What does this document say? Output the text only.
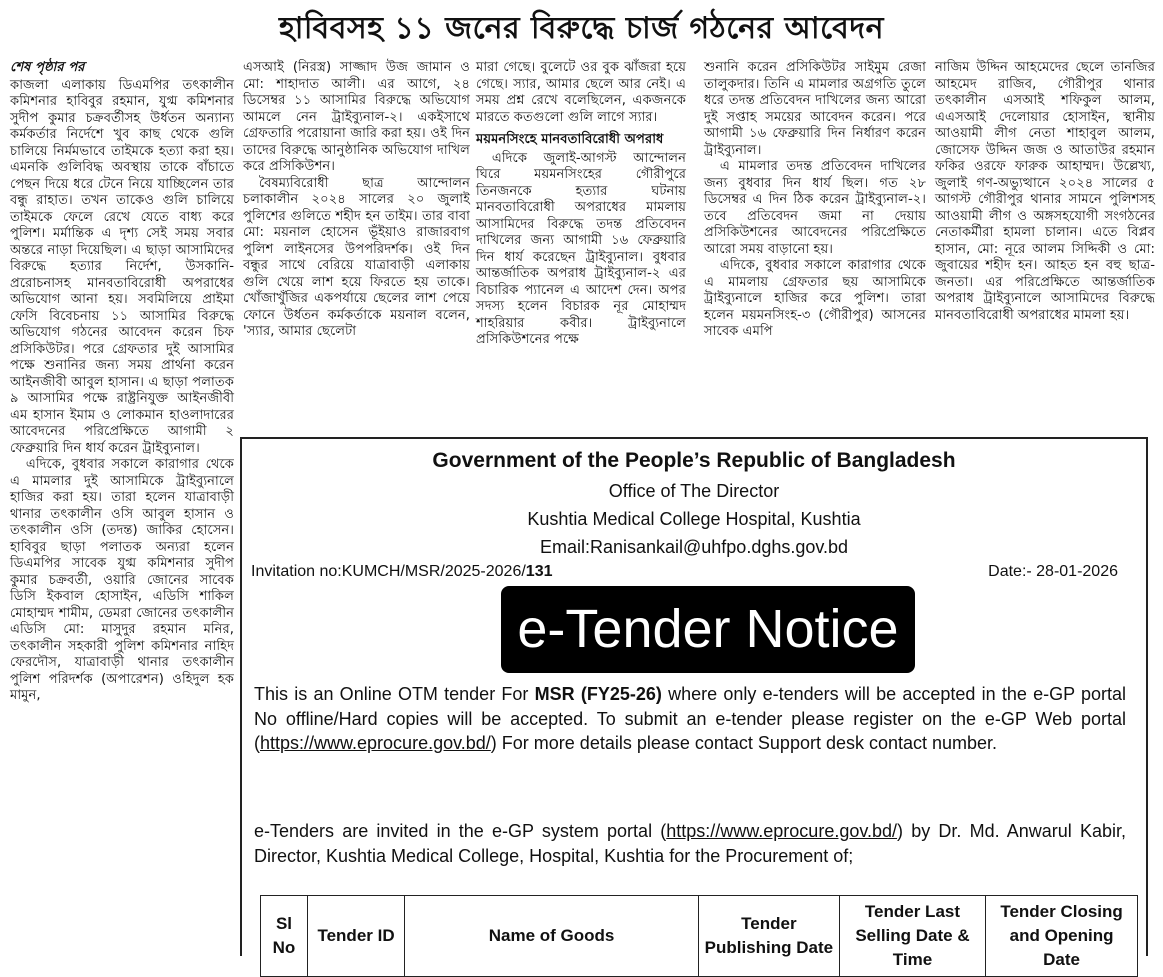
হাবিবসহ ১১ জনের বিরুদ্ধে চার্জ গঠনের আবেদন

শেষ পৃষ্ঠার পর

কাজলা এলাকায় ডিএমপির তৎকালীন কমিশনার হাবিবুর রহমান, যুগ্ম কমিশনার সুদীপ কুমার চক্রবর্তীসহ উর্ধতন অন্যান্য কর্মকর্তার নির্দেশে খুব কাছ থেকে গুলি চালিয়ে নির্মমভাবে তাইমকে হত্যা করা হয়। এমনকি গুলিবিদ্ধ অবস্থায় তাকে বাঁচাতে পেছন দিয়ে ধরে টেনে নিয়ে যাচ্ছিলেন তার বন্ধু রাহাত। তখন তাকেও গুলি চালিয়ে তাইমকে ফেলে রেখে যেতে বাধ্য করে পুলিশ। মর্মান্তিক এ দৃশ্য সেই সময় সবার অন্তরে নাড়া দিয়েছিল। এ ছাড়া আসামিদের বিরুদ্ধে হত্যার নির্দেশ, উসকানি-প্ররোচনাসহ মানবতাবিরোধী অপরাধের অভিযোগ আনা হয়। সবমিলিয়ে প্রাইমা ফেসি বিবেচনায় ১১ আসামির বিরুদ্ধে অভিযোগ গঠনের আবেদন করেন চিফ প্রসিকিউটর। পরে গ্রেফতার দুই আসামির পক্ষে শুনানির জন্য সময় প্রার্থনা করেন আইনজীবী আবুল হাসান। এ ছাড়া পলাতক ৯ আসামির পক্ষে রাষ্ট্রনিযুক্ত আইনজীবী এম হাসান ইমাম ও লোকমান হাওলাদারের আবেদনের পরিপ্রেক্ষিতে আগামী ২ ফেব্রুয়ারি দিন ধার্য করেন ট্রাইব্যুনাল।

এদিকে, বুধবার সকালে কারাগার থেকে এ মামলার দুই আসামিকে ট্রাইব্যুনালে হাজির করা হয়। তারা হলেন যাত্রাবাড়ী থানার তৎকালীন ওসি আবুল হাসান ও তৎকালীন ওসি (তদন্ত) জাকির হোসেন। হাবিবুর ছাড়া পলাতক অন্যরা হলেন ডিএমপির সাবেক যুগ্ম কমিশনার সুদীপ কুমার চক্রবর্তী, ওয়ারি জোনের সাবেক ডিসি ইকবাল হোসাইন, এডিসি শাকিল মোহাম্মদ শামীম, ডেমরা জোনের তৎকালীন এডিসি মো: মাসুদুর রহমান মনির, তৎকালীন সহকারী পুলিশ কমিশনার নাহিদ ফেরদৌস, যাত্রাবাড়ী থানার তৎকালীন পুলিশ পরিদর্শক (অপারেশন) ওহিদুল হক মামুন,

এসআই (নিরস্ত্র) সাজ্জাদ উজ জামান ও মো: শাহাদাত আলী। এর আগে, ২৪ ডিসেম্বর ১১ আসামির বিরুদ্ধে অভিযোগ আমলে নেন ট্রাইব্যুনাল-২। একইসাথে গ্রেফতারি পরোয়ানা জারি করা হয়। ওই দিন তাদের বিরুদ্ধে আনুষ্ঠানিক অভিযোগ দাখিল করে প্রসিকিউশন।

বৈষম্যবিরোধী ছাত্র আন্দোলন চলাকালীন ২০২৪ সালের ২০ জুলাই পুলিশের গুলিতে শহীদ হন তাইম। তার বাবা মো: ময়নাল হোসেন ভূঁইয়াও রাজারবাগ পুলিশ লাইনসের উপপরিদর্শক। ওই দিন বন্ধুর সাথে বেরিয়ে যাত্রাবাড়ী এলাকায় গুলি খেয়ে লাশ হয়ে ফিরতে হয় তাকে। খোঁজাখুঁজির একপর্যায়ে ছেলের লাশ পেয়ে ফোনে উর্ধতন কর্মকর্তাকে ময়নাল বলেন, 'স্যার, আমার ছেলেটা

মারা গেছে। বুলেটে ওর বুক ঝাঁজরা হয়ে গেছে। স্যার, আমার ছেলে আর নেই। এ সময় প্রশ্ন রেখে বলেছিলেন, একজনকে মারতে কতগুলো গুলি লাগে স্যার।

ময়মনসিংহে মানবতাবিরোধী অপরাধ

এদিকে জুলাই-আগস্ট আন্দোলন ঘিরে ময়মনসিংহের গৌরীপুরে তিনজনকে হত্যার ঘটনায় মানবতাবিরোধী অপরাধের মামলায় আসামিদের বিরুদ্ধে তদন্ত প্রতিবেদন দাখিলের জন্য আগামী ১৬ ফেব্রুয়ারি দিন ধার্য করেছেন ট্রাইব্যুনাল। বুধবার আন্তর্জাতিক অপরাধ ট্রাইব্যুনাল-২ এর বিচারিক প্যানেল এ আদেশ দেন। অপর সদস্য হলেন বিচারক নূর মোহাম্মদ শাহরিয়ার কবীর। ট্রাইব্যুনালে প্রসিকিউশনের পক্ষে

শুনানি করেন প্রসিকিউটর সাইমুম রেজা তালুকদার। তিনি এ মামলার অগ্রগতি তুলে ধরে তদন্ত প্রতিবেদন দাখিলের জন্য আরো দুই সপ্তাহ সময়ের আবেদন করেন। পরে আগামী ১৬ ফেব্রুয়ারি দিন নির্ধারণ করেন ট্রাইব্যুনাল।

এ মামলার তদন্ত প্রতিবেদন দাখিলের জন্য বুধবার দিন ধার্য ছিল। গত ২৮ ডিসেম্বর এ দিন ঠিক করেন ট্রাইব্যুনাল-২। তবে প্রতিবেদন জমা না দেয়ায় প্রসিকিউশনের আবেদনের পরিপ্রেক্ষিতে আরো সময় বাড়ানো হয়।

এদিকে, বুধবার সকালে কারাগার থেকে এ মামলায় গ্রেফতার ছয় আসামিকে ট্রাইব্যুনালে হাজির করে পুলিশ। তারা হলেন ময়মনসিংহ-৩ (গৌরীপুর) আসনের সাবেক এমপি

নাজিম উদ্দিন আহমেদের ছেলে তানজির আহমেদ রাজিব, গৌরীপুর থানার তৎকালীন এসআই শফিকুল আলম, এএসআই দেলোয়ার হোসাইন, স্থানীয় আওয়ামী লীগ নেতা শাহাবুল আলম, জোসেফ উদ্দিন জজ ও আতাউর রহমান ফকির ওরফে ফারুক আহাম্মদ। উল্লেখ্য, জুলাই গণ-অভ্যুত্থানে ২০২৪ সালের ৫ আগস্ট গৌরীপুর থানার সামনে পুলিশসহ আওয়ামী লীগ ও অঙ্গসহযোগী সংগঠনের নেতাকর্মীরা হামলা চালান। এতে বিপ্লব হাসান, মো: নূরে আলম সিদ্দিকী ও মো: জুবায়ের শহীদ হন। আহত হন বহু ছাত্র-জনতা। এর পরিপ্রেক্ষিতে আন্তর্জাতিক অপরাধ ট্রাইব্যুনালে আসামিদের বিরুদ্ধে মানবতাবিরোধী অপরাধের মামলা হয়।

Government of the People’s Republic of Bangladesh
Office of The Director
Kushtia Medical College Hospital, Kushtia
Email:Ranisankail@uhfpo.dghs.gov.bd
Invitation no:KUMCH/MSR/2025-2026/131	Date:- 28-01-2026
e-Tender Notice
This is an Online OTM tender For MSR (FY25-26) where only e-tenders will be accepted in the e-GP portal No offline/Hard copies will be accepted. To submit an e-tender please register on the e-GP Web portal (https://www.eprocure.gov.bd/) For more details please contact Support desk contact number.
e-Tenders are invited in the e-GP system portal (https://www.eprocure.gov.bd/) by Dr. Md. Anwarul Kabir, Director, Kushtia Medical College, Hospital, Kushtia for the Procurement of;
Sl No	Tender ID	Name of Goods	Tender Publishing Date	Tender Last Selling Date & Time	Tender Closing and Opening Date
